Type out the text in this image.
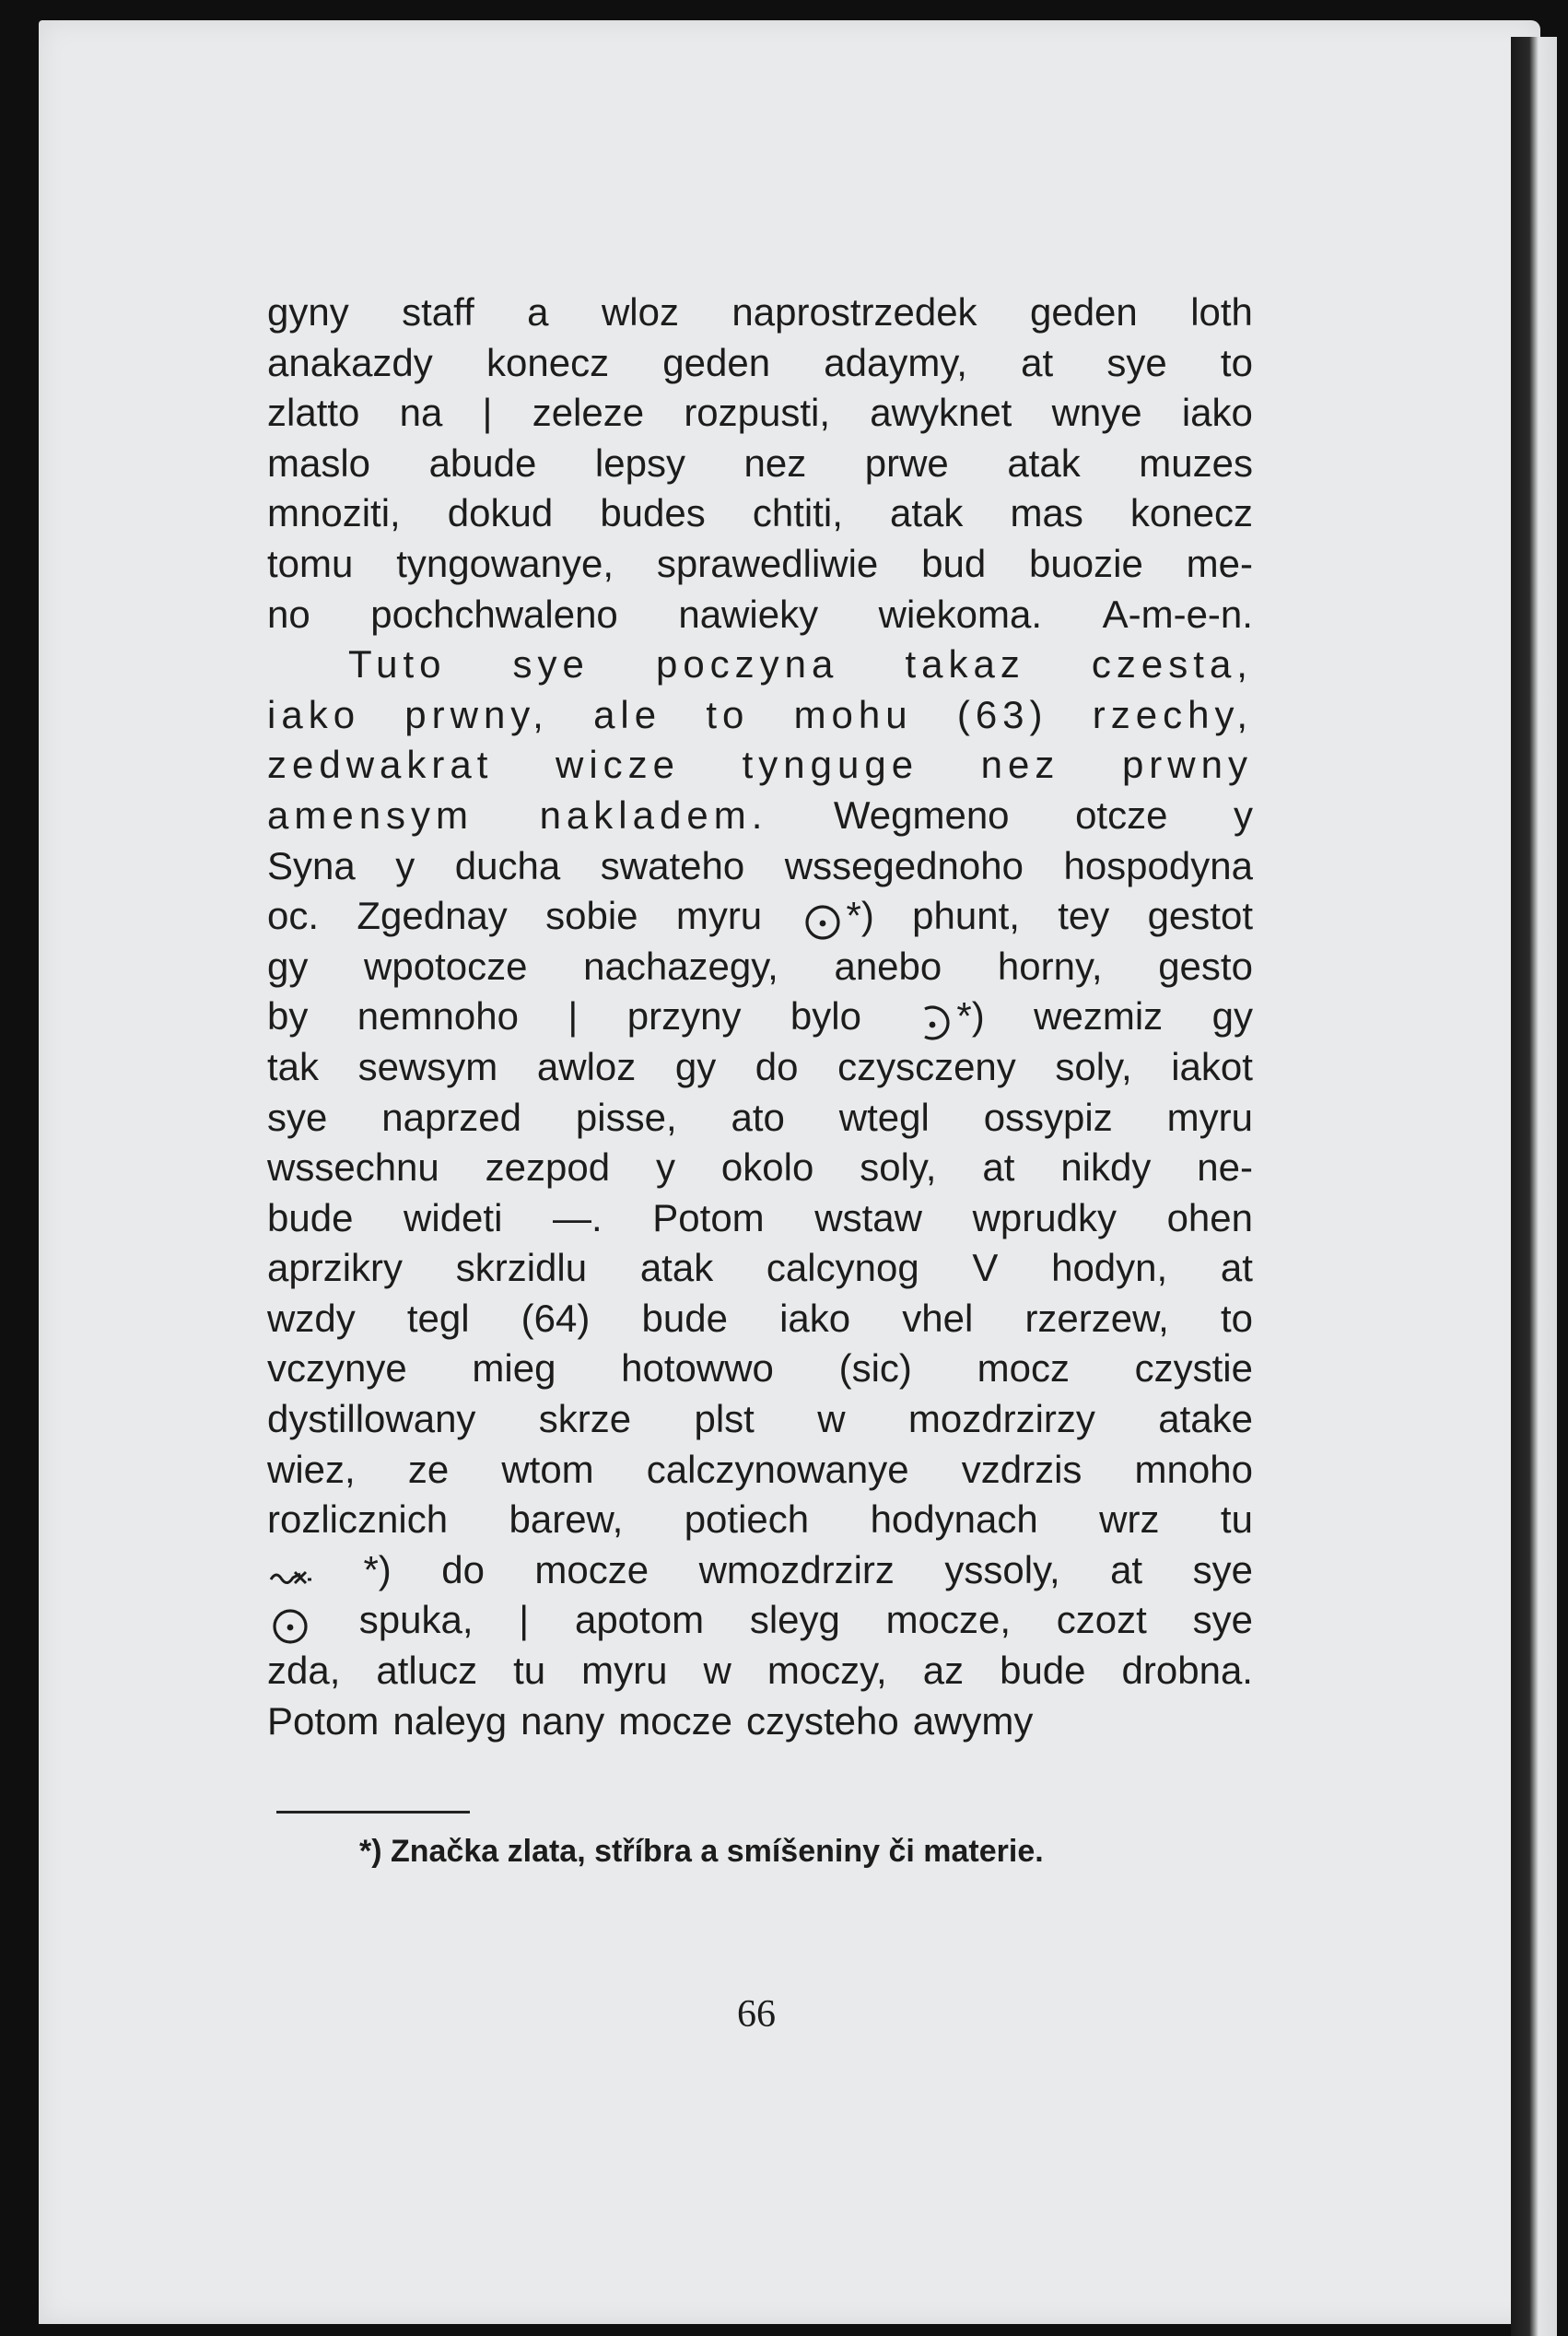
gyny staff a wloz naprostrzedek geden loth
anakazdy konecz geden adaymy, at sye to
zlatto na | zeleze rozpusti, awyknet wnye iako
maslo abude lepsy nez prwe atak muzes
mnoziti, dokud budes chtiti, atak mas konecz
tomu tyngowanye, sprawedliwie bud buozie me-
no pochchwaleno nawieky wiekoma. A-m-e-n.
Tuto sye poczyna takaz czesta,
iako prwny, ale to mohu (63) rzechy,
zedwakrat wicze tynguge nez prwny
amensym nakladem. Wegmeno otcze y
Syna y ducha swateho wssegednoho hospodyna
oc. Zgednay sobie myru	*) phunt, tey gestot
gy wpotocze nachazegy, anebo horny, gesto
by nemnoho | przyny bylo	*) wezmiz gy
tak sewsym awloz gy do czysczeny soly, iakot
sye naprzed pisse, ato wtegl ossypiz myru
wssechnu zezpod y okolo soly, at nikdy ne-
bude wideti —. Potom wstaw wprudky ohen
aprzikry skrzidlu atak calcynog V hodyn, at
wzdy tegl (64) bude iako vhel rzerzew, to
vczynye mieg hotowwo (sic) mocz czystie
dystillowany skrze plst w mozdrzirzy atake
wiez, ze wtom calczynowanye vzdrzis mnoho
rozlicznich barew, potiech hodynach wrz tu
*) do mocze wmozdrzirz yssoly, at sye
spuka, | apotom sleyg mocze, czozt sye
zda, atlucz tu myru w moczy, az bude drobna.
Potom naleyg nany mocze czysteho awymy
*) Značka zlata, stříbra a smíšeniny či materie.
66
